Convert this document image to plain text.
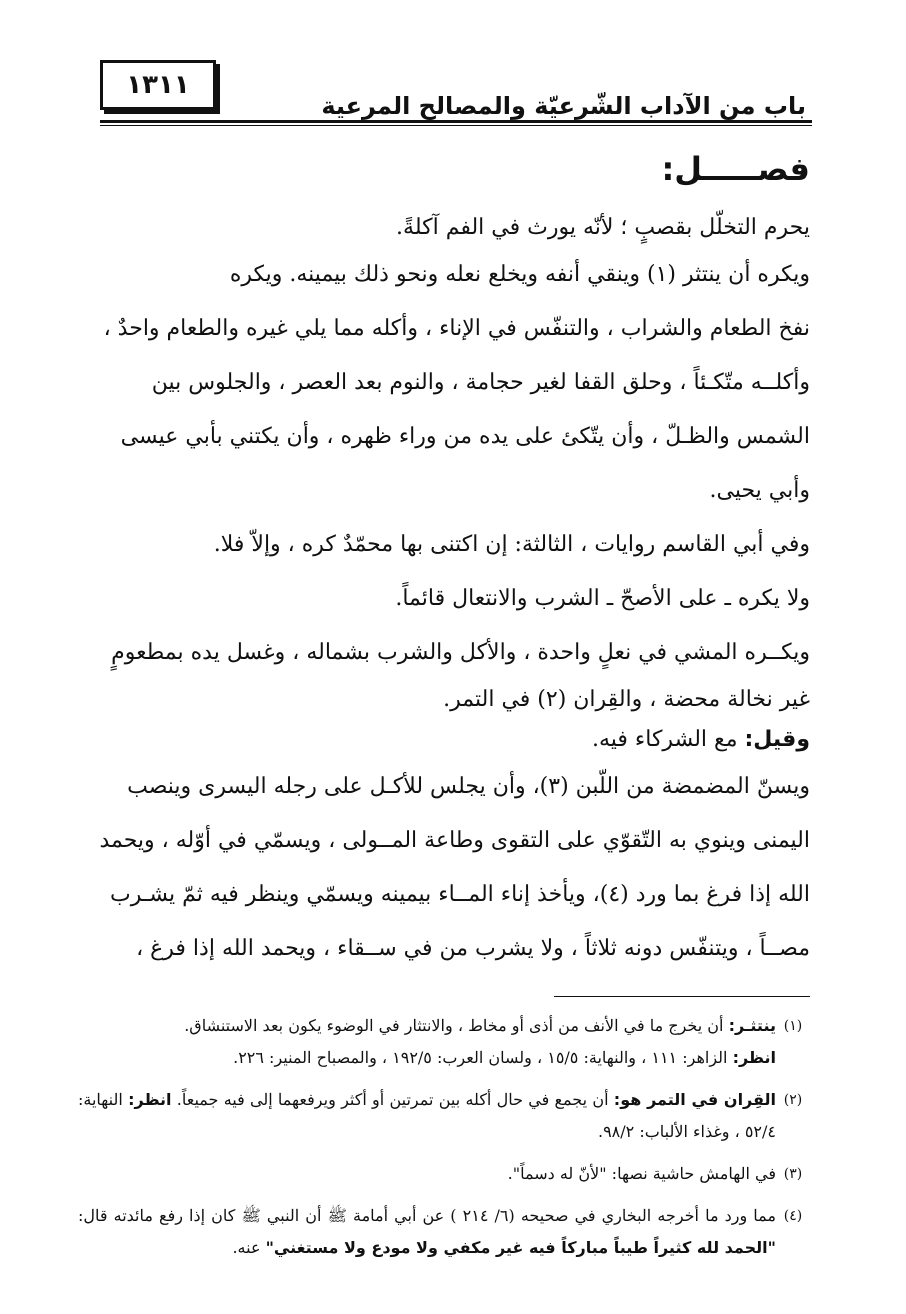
١٣١١
باب من الآداب الشّرعيّة والمصالح المرعية
فصـــــل:

يحرم التخلّل بقصبٍ ؛ لأنّه يورث في الفم آكلةً.

ويكره أن ينتثر (١) وينقي أنفه ويخلع نعله ونحو ذلك بيمينه. ويكره

نفخ الطعام والشراب ، والتنفّس في الإناء ، وأكله مما يلي غيره والطعام واحدٌ ،

وأكلــه متّكـئاً ، وحلق القفا لغير حجامة ، والنوم بعد العصر ، والجلوس بين

الشمس والظـلّ ، وأن يتّكئ على يده من وراء ظهره ، وأن يكتني بأبي عيسى

وأبي يحيى.

وفي أبي القاسم روايات ، الثالثة: إن اكتنى بها محمّدٌ كره ، وإلاّ فلا.

ولا يكره ـ على الأصحّ ـ الشرب والانتعال قائماً.

ويكــره المشي في نعلٍ واحدة ، والأكل والشرب بشماله ، وغسل يده بمطعومٍ

غير نخالة محضة ، والقِران (٢) في التمر.

وقيل: مع الشركاء فيه.

ويسنّ المضمضة من اللّبن (٣)، وأن يجلس للأكـل على رجله اليسرى وينصب

اليمنى وينوي به التّقوّي على التقوى وطاعة المــولى ، ويسمّي في أوّله ، ويحمد

الله إذا فرغ بما ورد (٤)، ويأخذ إناء المــاء بيمينه ويسمّي وينظر فيه ثمّ يشـرب

مصــاً ، ويتنفّس دونه ثلاثاً ، ولا يشرب من في ســقاء ، ويحمد الله إذا فرغ ،

(١)
ينتثـر: أن يخرج ما في الأنف من أذى أو مخاط ، والانتثار في الوضوء يكون بعد الاستنشاق.
انظر: الزاهر: ١١١ ، والنهاية: ١٥/٥ ، ولسان العرب: ١٩٢/٥ ، والمصباح المنير: ٢٢٦.
(٢)
القِران في التمر هو: أن يجمع في حال أكله بين تمرتين أو أكثر ويرفعهما إلى فيه جميعاً. انظر: النهاية: ٥٢/٤ ، وغذاء الألباب: ٩٨/٢.
(٣)
في الهامش حاشية نصها: "لأنّ له دسماً".
(٤)
مما ورد ما أخرجه البخاري في صحيحه (٦/ ٢١٤ ) عن أبي أمامة ﷺ أن النبي ﷺ كان إذا رفع مائدته قال: "الحمد لله كثيراً طيباً مباركاً فيه غير مكفي ولا مودع ولا مستغني" عنه.
